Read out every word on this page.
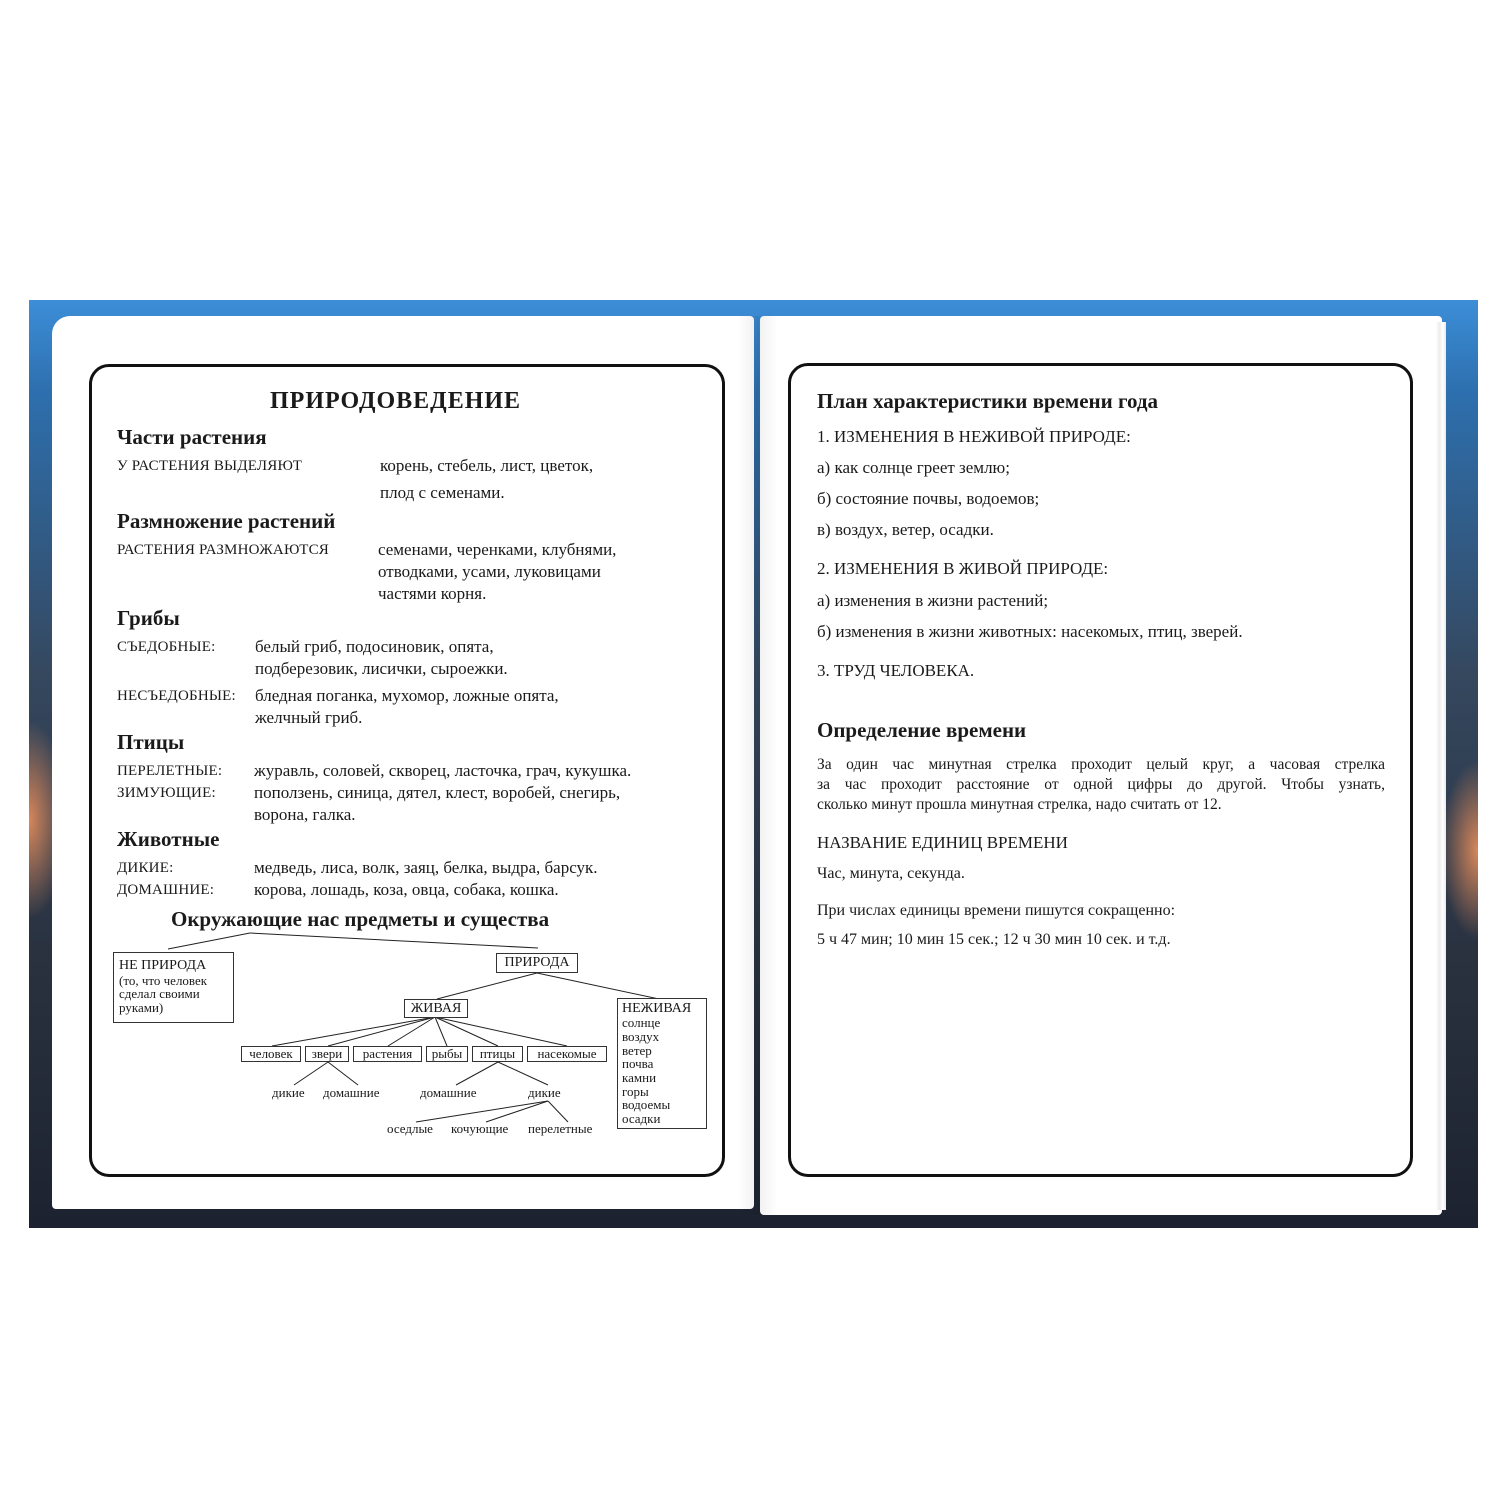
ПРИРОДОВЕДЕНИЕ
Части растения
У РАСТЕНИЯ ВЫДЕЛЯЮТ	корень, стебель, лист, цветок,
плод с семенами.
Размножение растений
РАСТЕНИЯ РАЗМНОЖАЮТСЯ	семенами, черенками, клубнями,
отводками, усами, луковицами
частями корня.
Грибы
СЪЕДОБНЫЕ: белый гриб, подосиновик, опята,
подберезовик, лисички, сыроежки.
НЕСЪЕДОБНЫЕ: бледная поганка, мухомор, ложные опята,
желчный гриб.
Птицы
ПЕРЕЛЕТНЫЕ: журавль, соловей, скворец, ласточка, грач, кукушка.
ЗИМУЮЩИЕ: поползень, синица, дятел, клест, воробей, снегирь,
ворона, галка.
Животные
ДИКИЕ:	медведь, лиса, волк, заяц, белка, выдра, барсук.
ДОМАШНИЕ: корова, лошадь, коза, овца, собака, кошка.
Окружающие нас предметы и существа
НЕ ПРИРОДА
(то, что человек
сделал своими
руками)
ПРИРОДА
ЖИВАЯ	НЕЖИВАЯ
солнце
воздух
ветер
почва
камни
горы
водоемы
осадки
человек	звери	растения	рыбы	птицы	насекомые
дикие домашние	домашние	дикие
оседлые кочующие перелетные
План характеристики времени года
1. ИЗМЕНЕНИЯ В НЕЖИВОЙ ПРИРОДЕ:
а) как солнце греет землю;
б) состояние почвы, водоемов;
в) воздух, ветер, осадки.
2. ИЗМЕНЕНИЯ В ЖИВОЙ ПРИРОДЕ:
а) изменения в жизни растений;
б) изменения в жизни животных: насекомых, птиц, зверей.
3. ТРУД ЧЕЛОВЕКА.
Определение времени
За один час минутная стрелка проходит целый круг, а часовая стрелка
за час проходит расстояние от одной цифры до другой. Чтобы узнать,
сколько минут прошла минутная стрелка, надо считать от 12.
НАЗВАНИЕ ЕДИНИЦ ВРЕМЕНИ
Час, минута, секунда.
При числах единицы времени пишутся сокращенно:
5 ч 47 мин; 10 мин 15 сек.; 12 ч 30 мин 10 сек. и т.д.
